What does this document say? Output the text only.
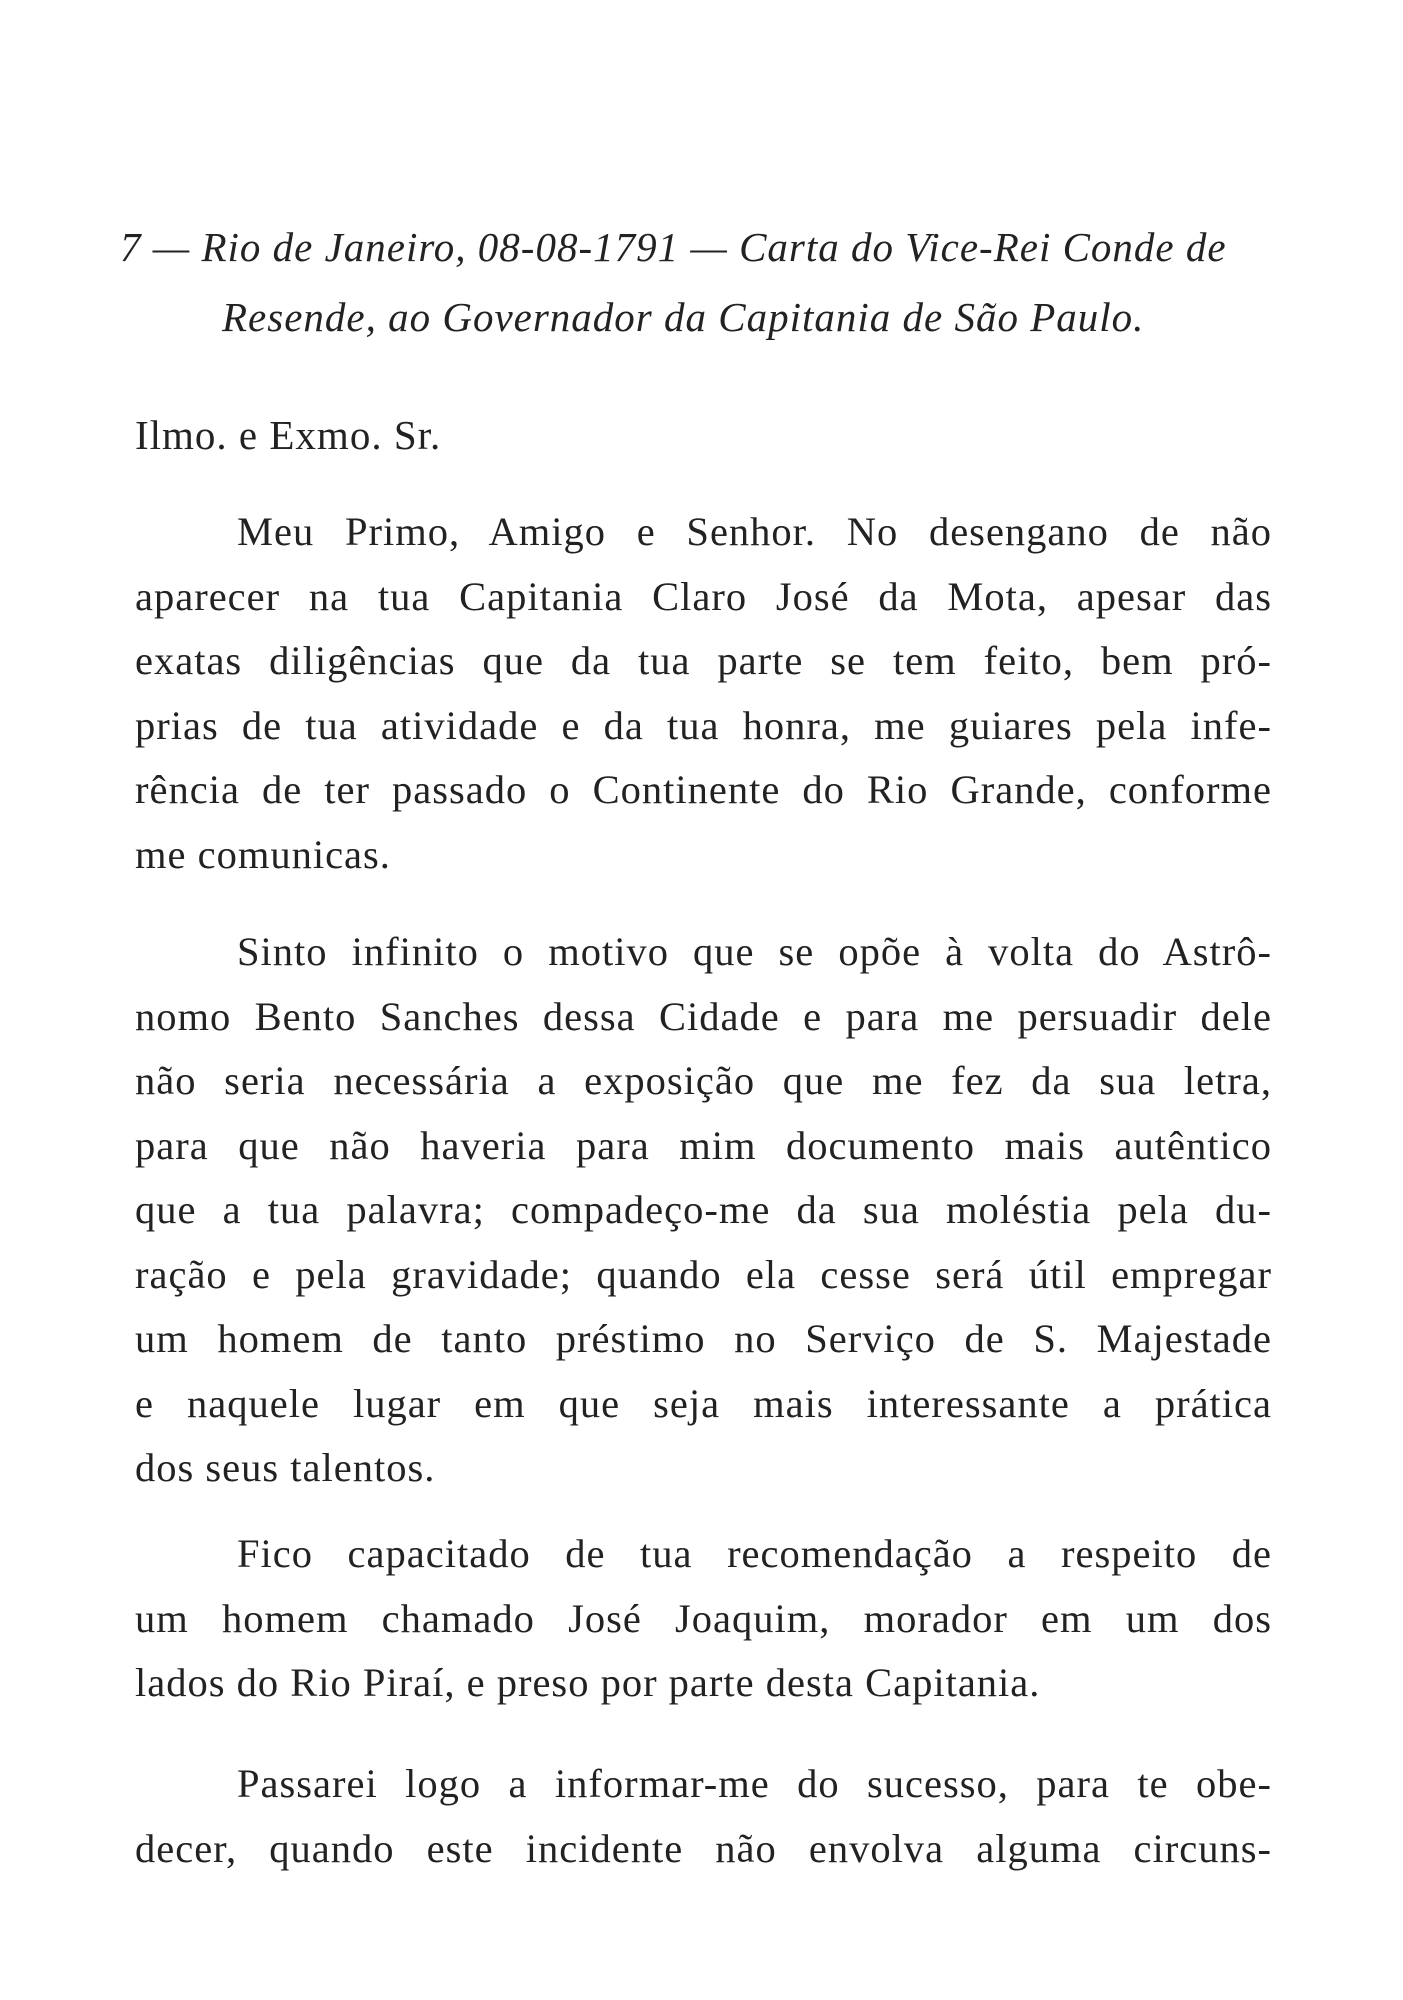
7 — Rio de Janeiro, 08-08-1791 — Carta do Vice-Rei Conde de
Resende, ao Governador da Capitania de São Paulo.
Ilmo. e Exmo. Sr.

Meu Primo, Amigo e Senhor. No desengano de não
aparecer na tua Capitania Claro José da Mota, apesar das
exatas diligências que da tua parte se tem feito, bem pró-
prias de tua atividade e da tua honra, me guiares pela infe-
rência de ter passado o Continente do Rio Grande, conforme
me comunicas.

Sinto infinito o motivo que se opõe à volta do Astrô-
nomo Bento Sanches dessa Cidade e para me persuadir dele
não seria necessária a exposição que me fez da sua letra,
para que não haveria para mim documento mais autêntico
que a tua palavra; compadeço-me da sua moléstia pela du-
ração e pela gravidade; quando ela cesse será útil empregar
um homem de tanto préstimo no Serviço de S. Majestade
e naquele lugar em que seja mais interessante a prática
dos seus talentos.

Fico capacitado de tua recomendação a respeito de
um homem chamado José Joaquim, morador em um dos
lados do Rio Piraí, e preso por parte desta Capitania.

Passarei logo a informar-me do sucesso, para te obe-
decer, quando este incidente não envolva alguma circuns-
